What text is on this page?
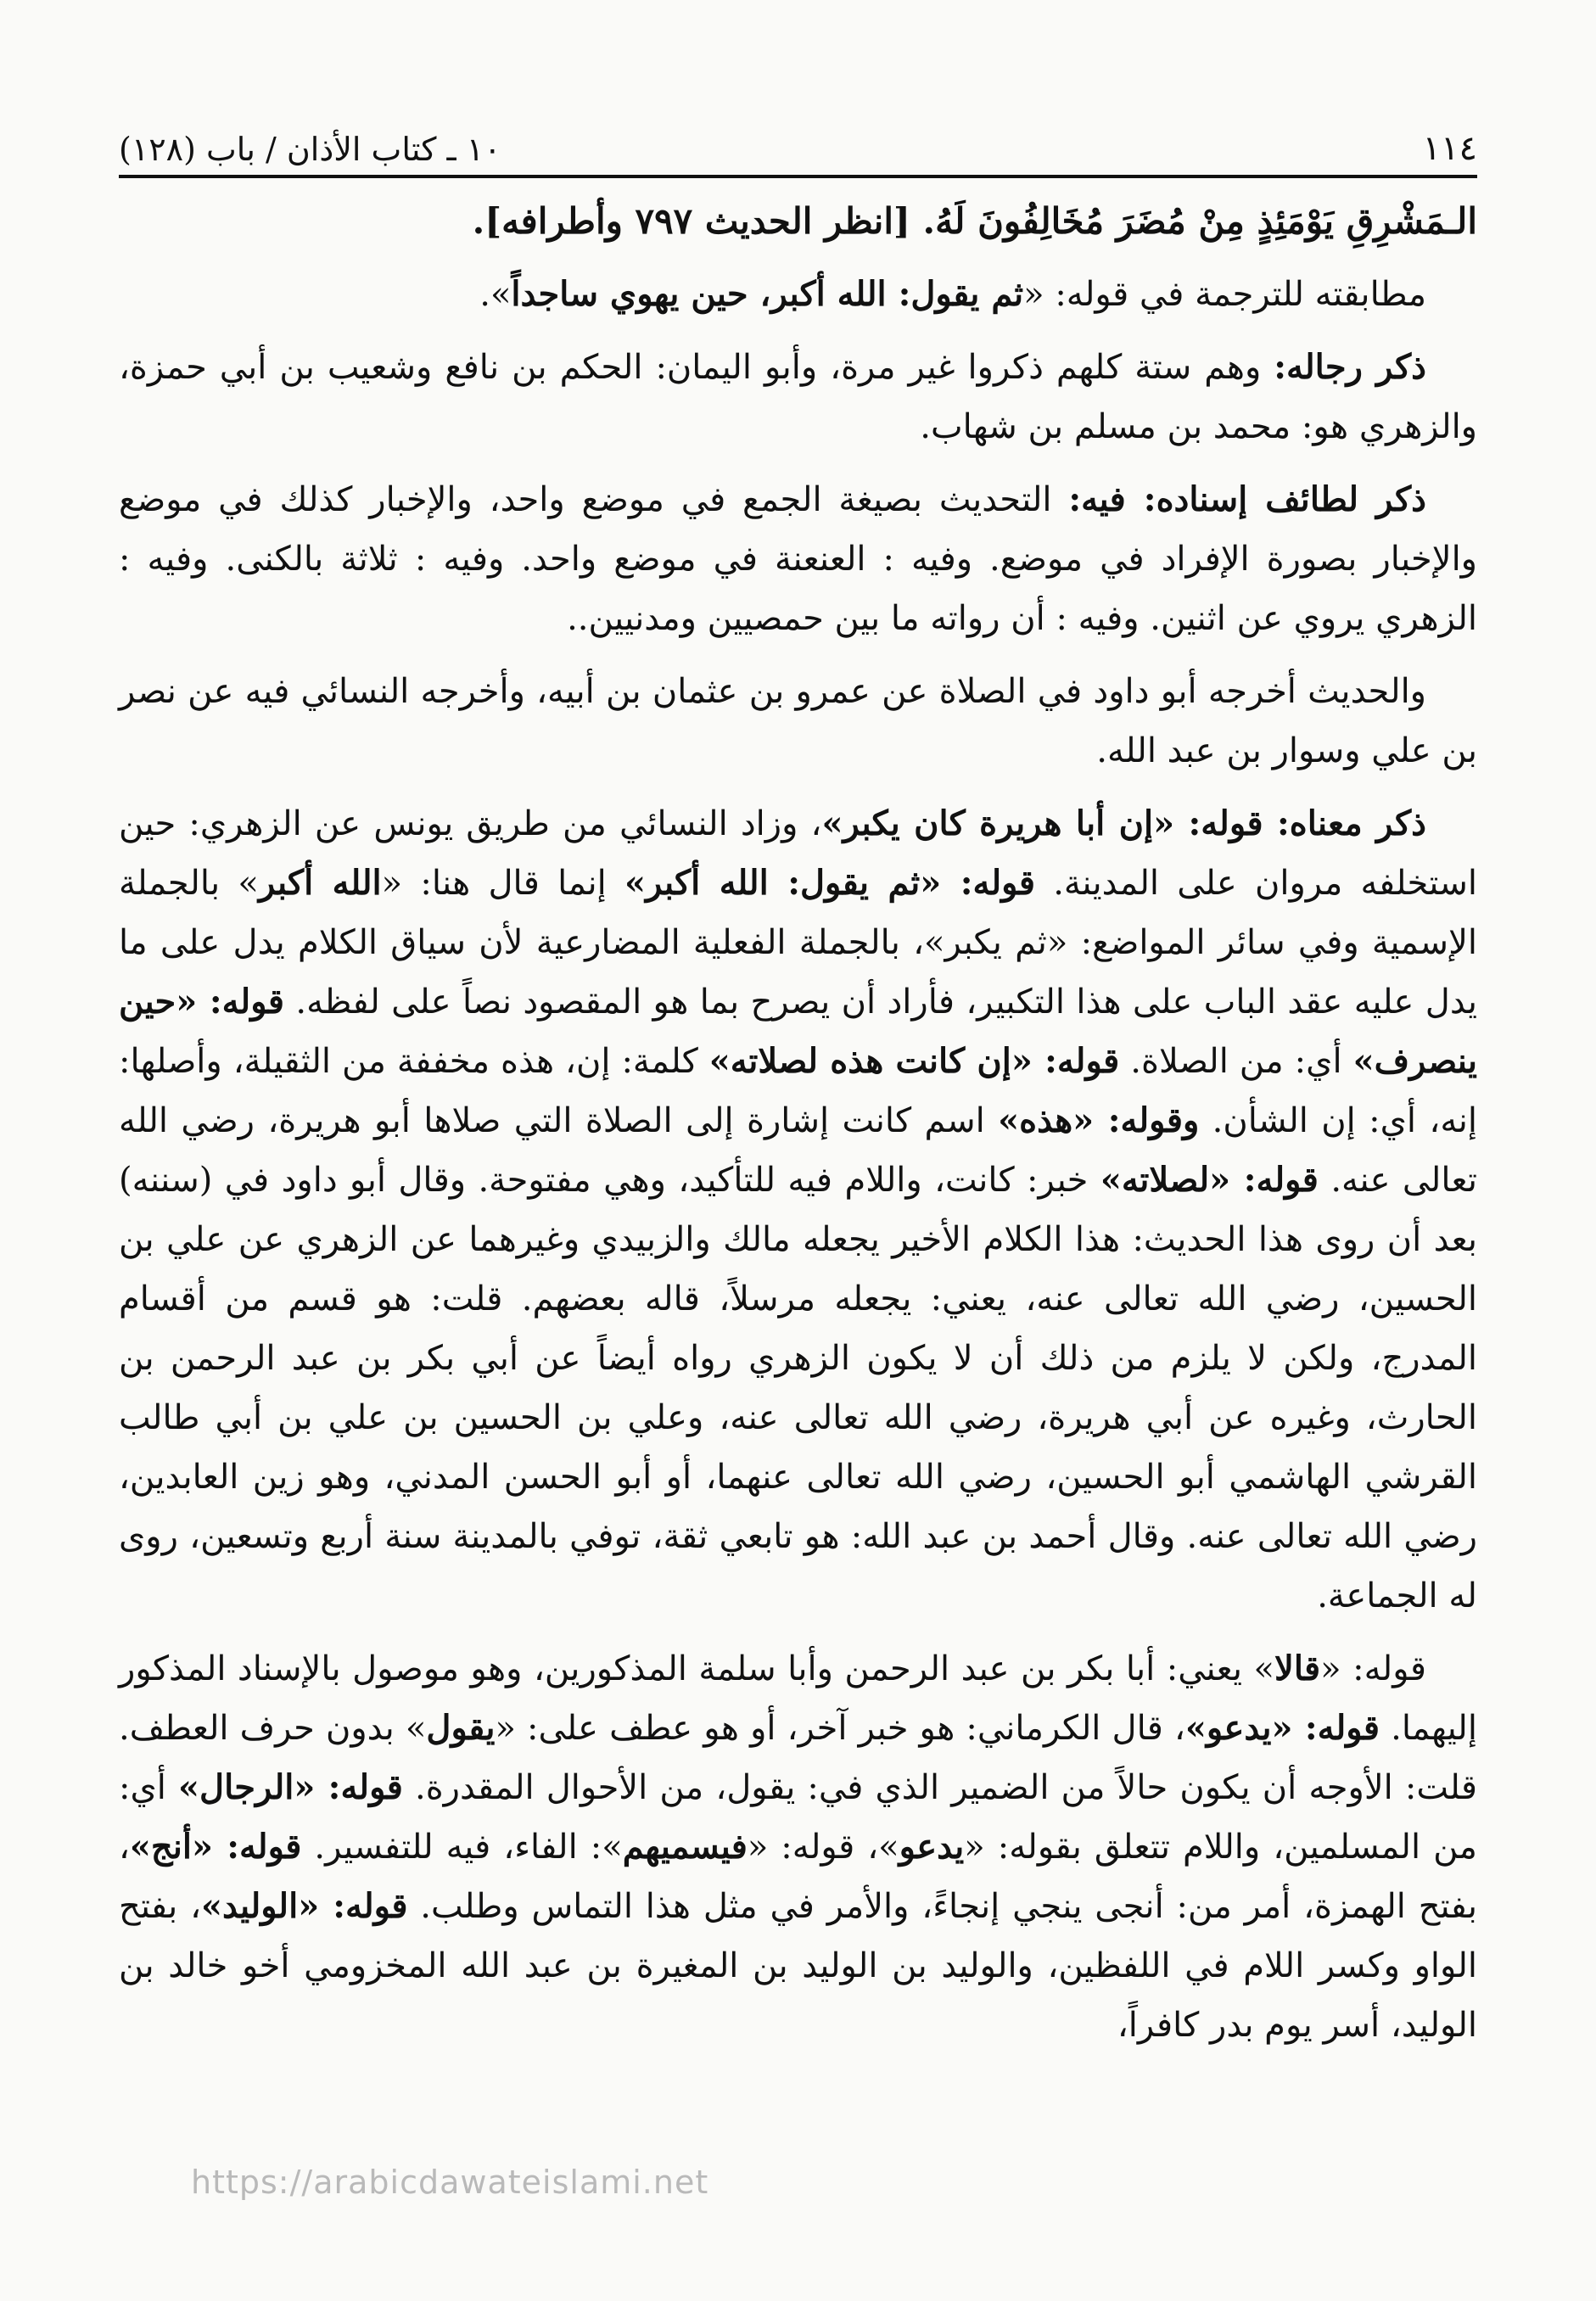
١١٤
١٠ ـ كتاب الأذان / باب (١٢٨)

الـمَشْرِقِ يَوْمَئِذٍ مِنْ مُضَرَ مُخَالِفُونَ لَهُ. [انظر الحديث ٧٩٧ وأطرافه].

مطابقته للترجمة في قوله: «ثم يقول: الله أكبر، حين يهوي ساجداً».

ذكر رجاله: وهم ستة كلهم ذكروا غير مرة، وأبو اليمان: الحكم بن نافع وشعيب بن أبي حمزة، والزهري هو: محمد بن مسلم بن شهاب.

ذكر لطائف إسناده: فيه: التحديث بصيغة الجمع في موضع واحد، والإخبار كذلك في موضع والإخبار بصورة الإفراد في موضع. وفيه : العنعنة في موضع واحد. وفيه : ثلاثة بالكنى. وفيه : الزهري يروي عن اثنين. وفيه : أن رواته ما بين حمصيين ومدنيين..

والحديث أخرجه أبو داود في الصلاة عن عمرو بن عثمان بن أبيه، وأخرجه النسائي فيه عن نصر بن علي وسوار بن عبد الله.

ذكر معناه: قوله: «إن أبا هريرة كان يكبر»، وزاد النسائي من طريق يونس عن الزهري: حين استخلفه مروان على المدينة. قوله: «ثم يقول: الله أكبر» إنما قال هنا: «الله أكبر» بالجملة الإسمية وفي سائر المواضع: «ثم يكبر»، بالجملة الفعلية المضارعية لأن سياق الكلام يدل على ما يدل عليه عقد الباب على هذا التكبير، فأراد أن يصرح بما هو المقصود نصاً على لفظه. قوله: «حين ينصرف» أي: من الصلاة. قوله: «إن كانت هذه لصلاته» كلمة: إن، هذه مخففة من الثقيلة، وأصلها: إنه، أي: إن الشأن. وقوله: «هذه» اسم كانت إشارة إلى الصلاة التي صلاها أبو هريرة، رضي الله تعالى عنه. قوله: «لصلاته» خبر: كانت، واللام فيه للتأكيد، وهي مفتوحة. وقال أبو داود في (سننه) بعد أن روى هذا الحديث: هذا الكلام الأخير يجعله مالك والزبيدي وغيرهما عن الزهري عن علي بن الحسين، رضي الله تعالى عنه، يعني: يجعله مرسلاً، قاله بعضهم. قلت: هو قسم من أقسام المدرج، ولكن لا يلزم من ذلك أن لا يكون الزهري رواه أيضاً عن أبي بكر بن عبد الرحمن بن الحارث، وغيره عن أبي هريرة، رضي الله تعالى عنه، وعلي بن الحسين بن علي بن أبي طالب القرشي الهاشمي أبو الحسين، رضي الله تعالى عنهما، أو أبو الحسن المدني، وهو زين العابدين، رضي الله تعالى عنه. وقال أحمد بن عبد الله: هو تابعي ثقة، توفي بالمدينة سنة أربع وتسعين، روى له الجماعة.

قوله: «قالا» يعني: أبا بكر بن عبد الرحمن وأبا سلمة المذكورين، وهو موصول بالإسناد المذكور إليهما. قوله: «يدعو»، قال الكرماني: هو خبر آخر، أو هو عطف على: «يقول» بدون حرف العطف. قلت: الأوجه أن يكون حالاً من الضمير الذي في: يقول، من الأحوال المقدرة. قوله: «الرجال» أي: من المسلمين، واللام تتعلق بقوله: «يدعو»، قوله: «فيسميهم»: الفاء، فيه للتفسير. قوله: «أنج»، بفتح الهمزة، أمر من: أنجى ينجي إنجاءً، والأمر في مثل هذا التماس وطلب. قوله: «الوليد»، بفتح الواو وكسر اللام في اللفظين، والوليد بن الوليد بن المغيرة بن عبد الله المخزومي أخو خالد بن الوليد، أسر يوم بدر كافراً،

https://arabicdawateislami.net
